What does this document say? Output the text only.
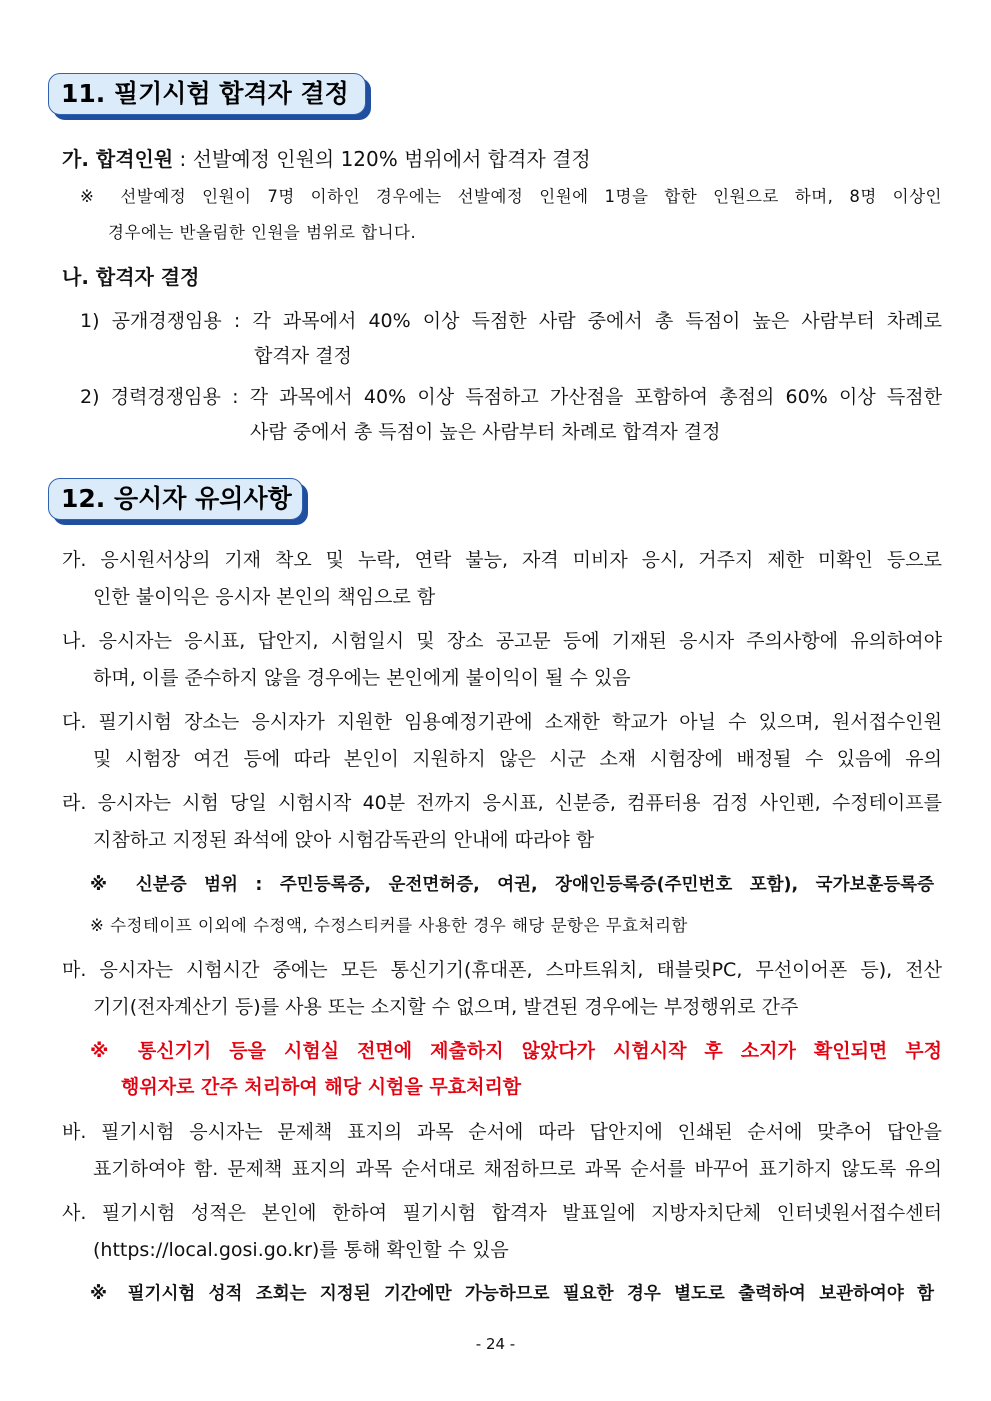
11. 필기시험 합격자 결정
가. 합격인원 : 선발예정 인원의 120% 범위에서 합격자 결정
※ 선발예정 인원이 7명 이하인 경우에는 선발예정 인원에 1명을 합한 인원으로 하며, 8명 이상인
경우에는 반올림한 인원을 범위로 합니다.
나. 합격자 결정
1) 공개경쟁임용 : 각 과목에서 40% 이상 득점한 사람 중에서 총 득점이 높은 사람부터 차례로
합격자 결정
2) 경력경쟁임용 : 각 과목에서 40% 이상 득점하고 가산점을 포함하여 총점의 60% 이상 득점한
사람 중에서 총 득점이 높은 사람부터 차례로 합격자 결정
12. 응시자 유의사항
가. 응시원서상의 기재 착오 및 누락, 연락 불능, 자격 미비자 응시, 거주지 제한 미확인 등으로
인한 불이익은 응시자 본인의 책임으로 함
나. 응시자는 응시표, 답안지, 시험일시 및 장소 공고문 등에 기재된 응시자 주의사항에 유의하여야
하며, 이를 준수하지 않을 경우에는 본인에게 불이익이 될 수 있음
다. 필기시험 장소는 응시자가 지원한 임용예정기관에 소재한 학교가 아닐 수 있으며, 원서접수인원
및 시험장 여건 등에 따라 본인이 지원하지 않은 시군 소재 시험장에 배정될 수 있음에 유의
라. 응시자는 시험 당일 시험시작 40분 전까지 응시표, 신분증, 컴퓨터용 검정 사인펜, 수정테이프를
지참하고 지정된 좌석에 앉아 시험감독관의 안내에 따라야 함
※ 신분증 범위 : 주민등록증, 운전면허증, 여권, 장애인등록증(주민번호 포함), 국가보훈등록증
※ 수정테이프 이외에 수정액, 수정스티커를 사용한 경우 해당 문항은 무효처리함
마. 응시자는 시험시간 중에는 모든 통신기기(휴대폰, 스마트워치, 태블릿PC, 무선이어폰 등), 전산
기기(전자계산기 등)를 사용 또는 소지할 수 없으며, 발견된 경우에는 부정행위로 간주
※ 통신기기 등을 시험실 전면에 제출하지 않았다가 시험시작 후 소지가 확인되면 부정
행위자로 간주 처리하여 해당 시험을 무효처리함
바. 필기시험 응시자는 문제책 표지의 과목 순서에 따라 답안지에 인쇄된 순서에 맞추어 답안을
표기하여야 함. 문제책 표지의 과목 순서대로 채점하므로 과목 순서를 바꾸어 표기하지 않도록 유의
사. 필기시험 성적은 본인에 한하여 필기시험 합격자 발표일에 지방자치단체 인터넷원서접수센터
(https://local.gosi.go.kr)를 통해 확인할 수 있음
※ 필기시험 성적 조회는 지정된 기간에만 가능하므로 필요한 경우 별도로 출력하여 보관하여야 함
- 24 -
